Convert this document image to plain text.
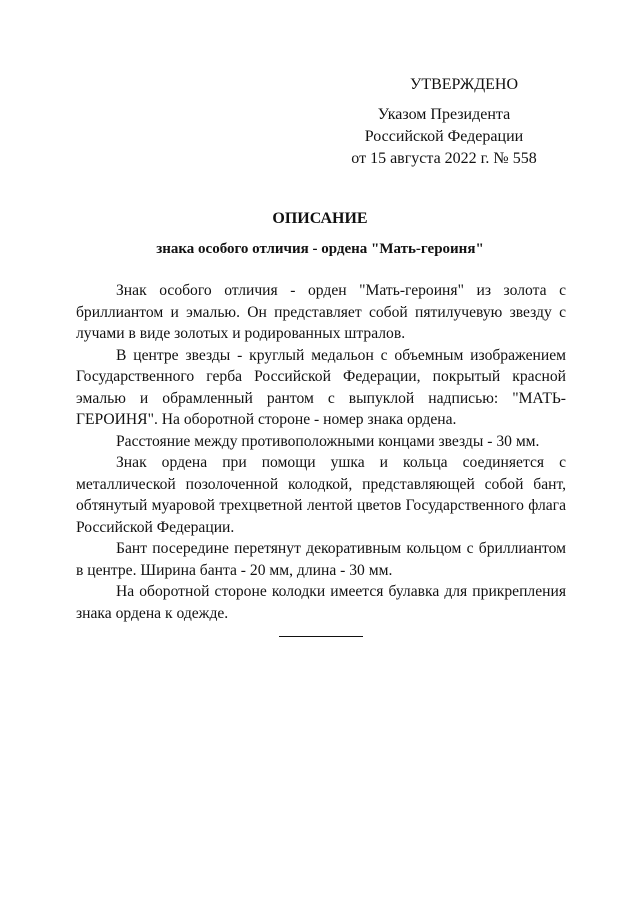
УТВЕРЖДЕНО
Указом Президента
Российской Федерации
от 15 августа 2022 г. № 558
ОПИСАНИЕ
знака особого отличия - ордена "Мать-героиня"

Знак особого отличия - орден "Мать-героиня" из золота с бриллиантом и эмалью. Он представляет собой пятилучевую звезду с лучами в виде золотых и родированных штралов.

В центре звезды - круглый медальон с объемным изображением Государственного герба Российской Федерации, покрытый красной эмалью и обрамленный рантом с выпуклой надписью: "МАТЬ-ГЕРОИНЯ". На оборотной стороне - номер знака ордена.

Расстояние между противоположными концами звезды - 30 мм.

Знак ордена при помощи ушка и кольца соединяется с металлической позолоченной колодкой, представляющей собой бант, обтянутый муаровой трехцветной лентой цветов Государственного флага Российской Федерации.

Бант посередине перетянут декоративным кольцом с бриллиантом в центре. Ширина банта - 20 мм, длина - 30 мм.

На оборотной стороне колодки имеется булавка для прикрепления знака ордена к одежде.
